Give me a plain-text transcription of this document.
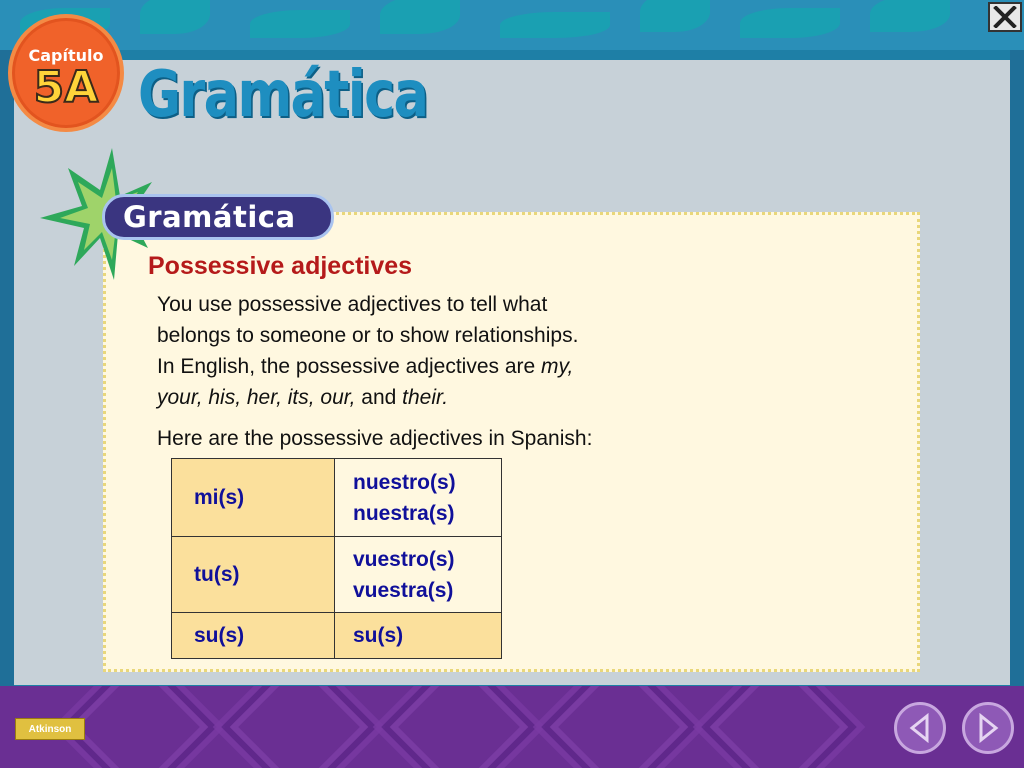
Capítulo
5A Gramática
Gramática
Possessive adjectives
You use possessive adjectives to tell what
belongs to someone or to show relationships.
In English, the possessive adjectives are my,
your, his, her, its, our, and their.
Here are the possessive adjectives in Spanish:
mi(s)	nuestro(s)
nuestra(s)

tu(s)	vuestro(s)
vuestra(s)

su(s)	su(s)
Atkinson
